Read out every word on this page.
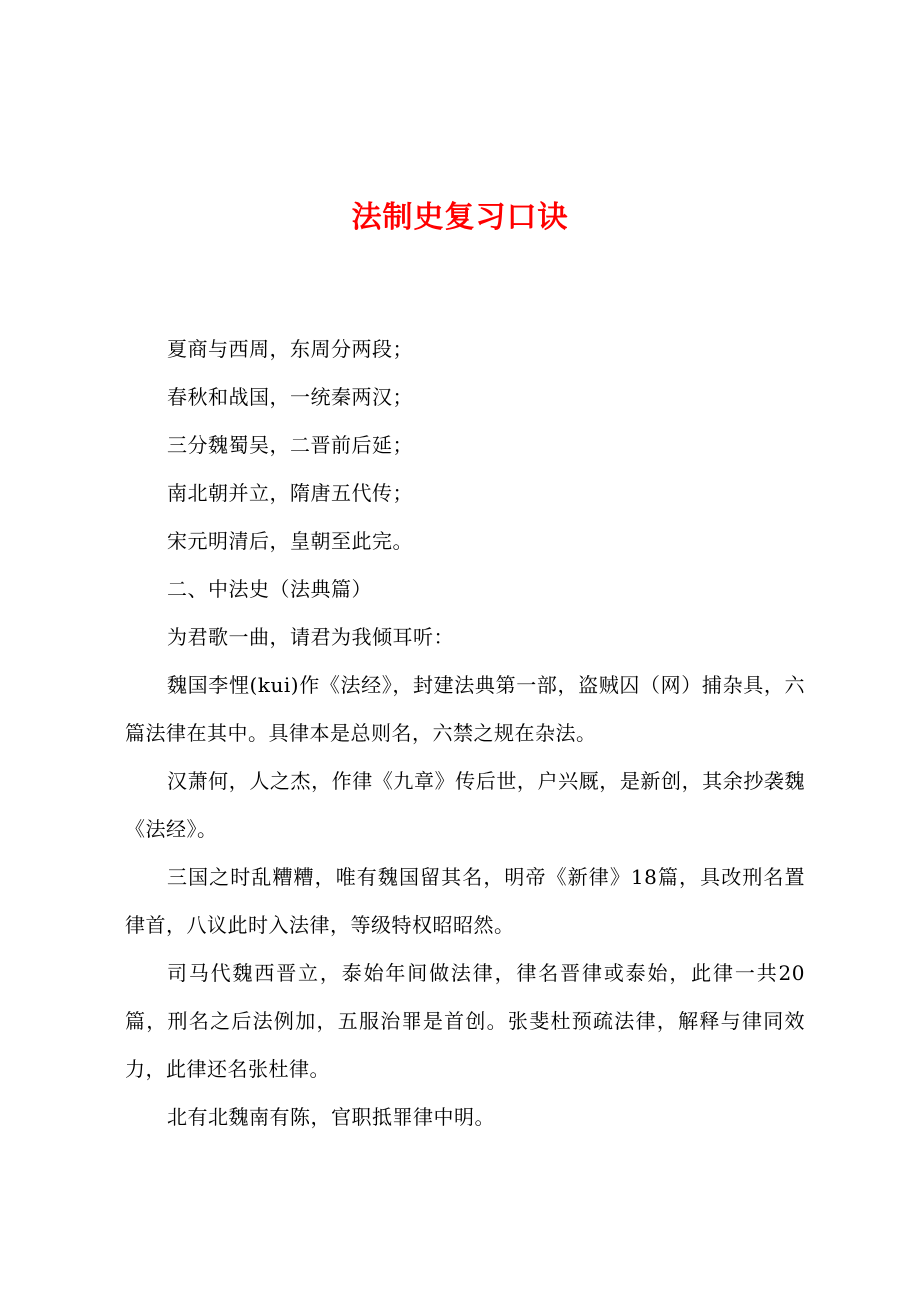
法制史复习口诀

夏商与西周，东周分两段；

春秋和战国，一统秦两汉；

三分魏蜀吴，二晋前后延；

南北朝并立，隋唐五代传；

宋元明清后，皇朝至此完。

二、中法史（法典篇）

为君歌一曲，请君为我倾耳听：

魏国李悝(kui)作《法经》，封建法典第一部，盗贼囚（网）捕杂具，六篇法律在其中。具律本是总则名，六禁之规在杂法。

汉萧何，人之杰，作律《九章》传后世，户兴厩，是新创，其余抄袭魏《法经》。

三国之时乱糟糟，唯有魏国留其名，明帝《新律》18篇，具改刑名置律首，八议此时入法律，等级特权昭昭然。

司马代魏西晋立，泰始年间做法律，律名晋律或泰始，此律一共20篇，刑名之后法例加，五服治罪是首创。张斐杜预疏法律，解释与律同效力，此律还名张杜律。

北有北魏南有陈，官职抵罪律中明。
